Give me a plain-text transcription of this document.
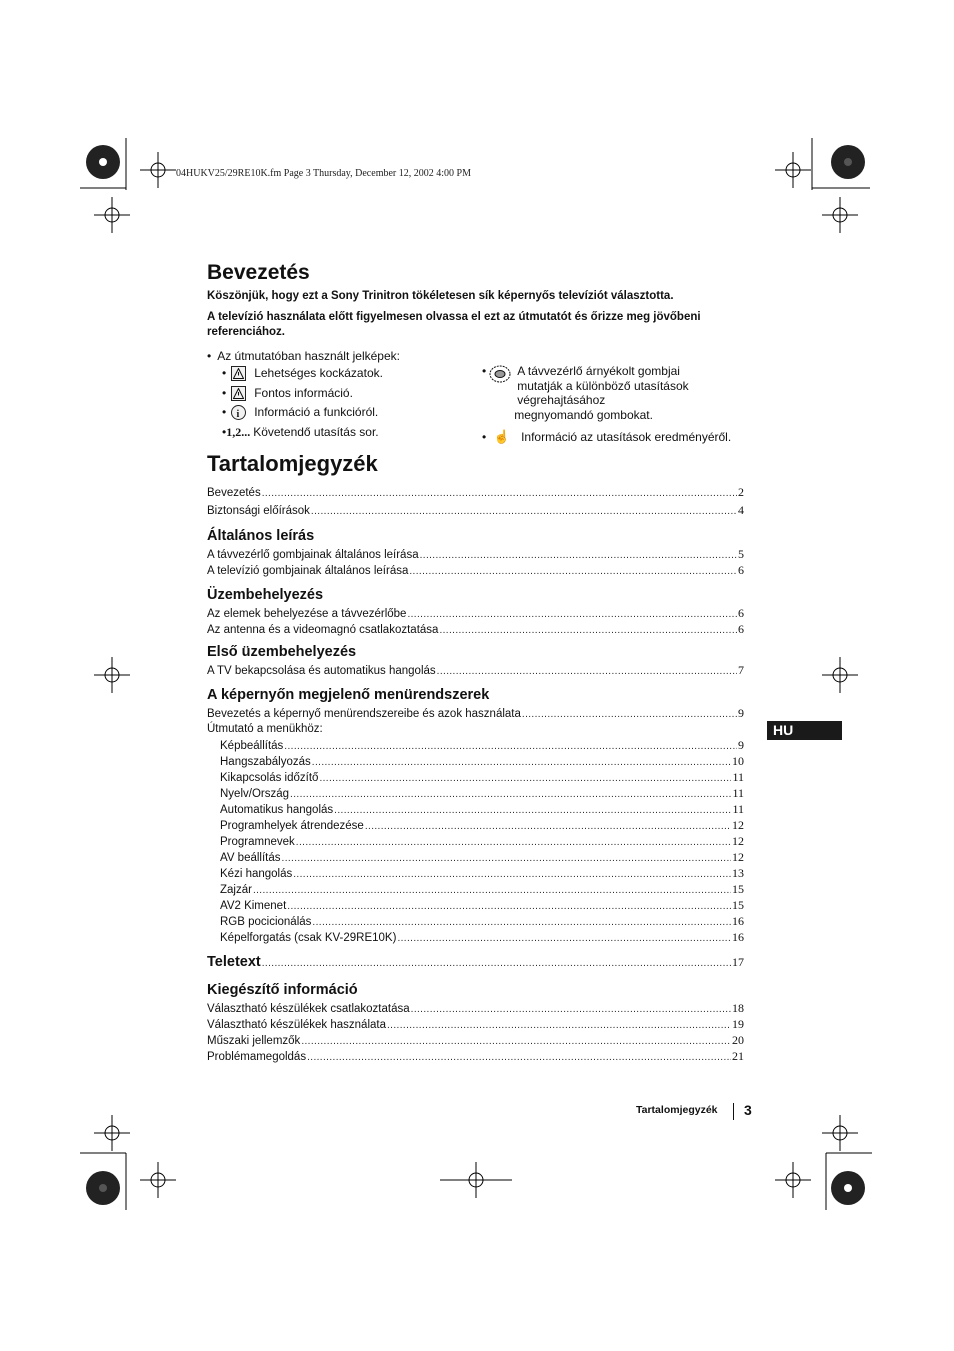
04HUKV25/29RE10K.fm Page 3 Thursday, December 12, 2002 4:00 PM
Bevezetés
Köszönjük, hogy ezt a Sony Trinitron tökéletesen sík képernyős televíziót választotta.
A televízió használata előtt figyelmesen olvassa el ezt az útmutatót és őrizze meg jövőbeni referenciához.
• Az útmutatóban használt jelképek:
• Lehetséges kockázatok.
• Fontos információ.
• i Információ a funkcióról.
• 1,2... Követendő utasítás sor.
•	A távvezérlő árnyékolt gombjai
mutatják a különböző utasítások
végrehajtásához
megnyomandó gombokat.
• ☝ Információ az utasítások eredményéről.
Tartalomjegyzék
Bevezetés .....	2
Biztonsági előírások .....	4
Általános leírás
A távvezérlő gombjainak általános leírása .....	5
A televízió gombjainak általános leírása .....	6
Üzembehelyezés
Az elemek behelyezése a távvezérlőbe .....	6
Az antenna és a videomagnó csatlakoztatása .....	6
Első üzembehelyezés
A TV bekapcsolása és automatikus hangolás .....	7
A képernyőn megjelenő menürendszerek
Bevezetés a képernyő menürendszereibe és azok használata .....	9
Útmutató a menükhöz:
Képbeállítás .....	9
Hangszabályozás .....	10
Kikapcsolás időzítő .....	11
Nyelv/Ország .....	11
Automatikus hangolás .....	11
Programhelyek átrendezése .....	12
Programnevek .....	12
AV beállítás .....	12
Kézi hangolás .....	13
Zajzár .....	15
AV2 Kimenet .....	15
RGB pocicionálás .....	16
Képelforgatás (csak KV-29RE10K) .....	16
Teletext .....	17
Kiegészítő információ
Választható készülékek csatlakoztatása .....	18
Választható készülékek használata .....	19
Műszaki jellemzők .....	20
Problémamegoldás .....	21
HU
Tartalomjegyzék 3
